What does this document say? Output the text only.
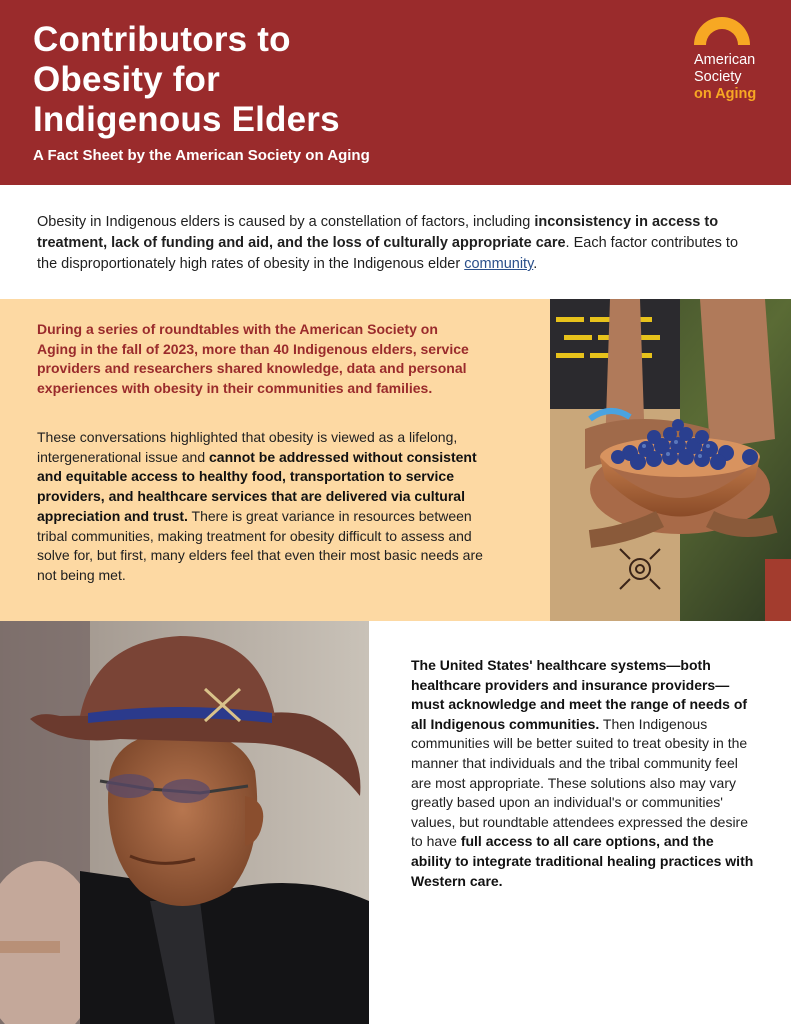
Contributors to
Obesity for
Indigenous Elders
A Fact Sheet by the American Society on Aging
American
Society
on Aging

Obesity in Indigenous elders is caused by a constellation of factors, including inconsistency in access to treatment, lack of funding and aid, and the loss of culturally appropriate care. Each factor contributes to the disproportionately high rates of obesity in the Indigenous elder community.

During a series of roundtables with the American Society on Aging in the fall of 2023, more than 40 Indigenous elders, service providers and researchers shared knowledge, data and personal experiences with obesity in their communities and families.

These conversations highlighted that obesity is viewed as a lifelong, intergenerational issue and cannot be addressed without consistent and equitable access to healthy food, transportation to service providers, and healthcare services that are delivered via cultural appreciation and trust. There is great variance in resources between tribal communities, making treatment for obesity difficult to assess and solve for, but first, many elders feel that even their most basic needs are not being met.

The United States' healthcare systems—both healthcare providers and insurance providers—must acknowledge and meet the range of needs of all Indigenous communities. Then Indigenous communities will be better suited to treat obesity in the manner that individuals and the tribal community feel are most appropriate. These solutions also may vary greatly based upon an individual's or communities' values, but roundtable attendees expressed the desire to have full access to all care options, and the ability to integrate traditional healing practices with Western care.
